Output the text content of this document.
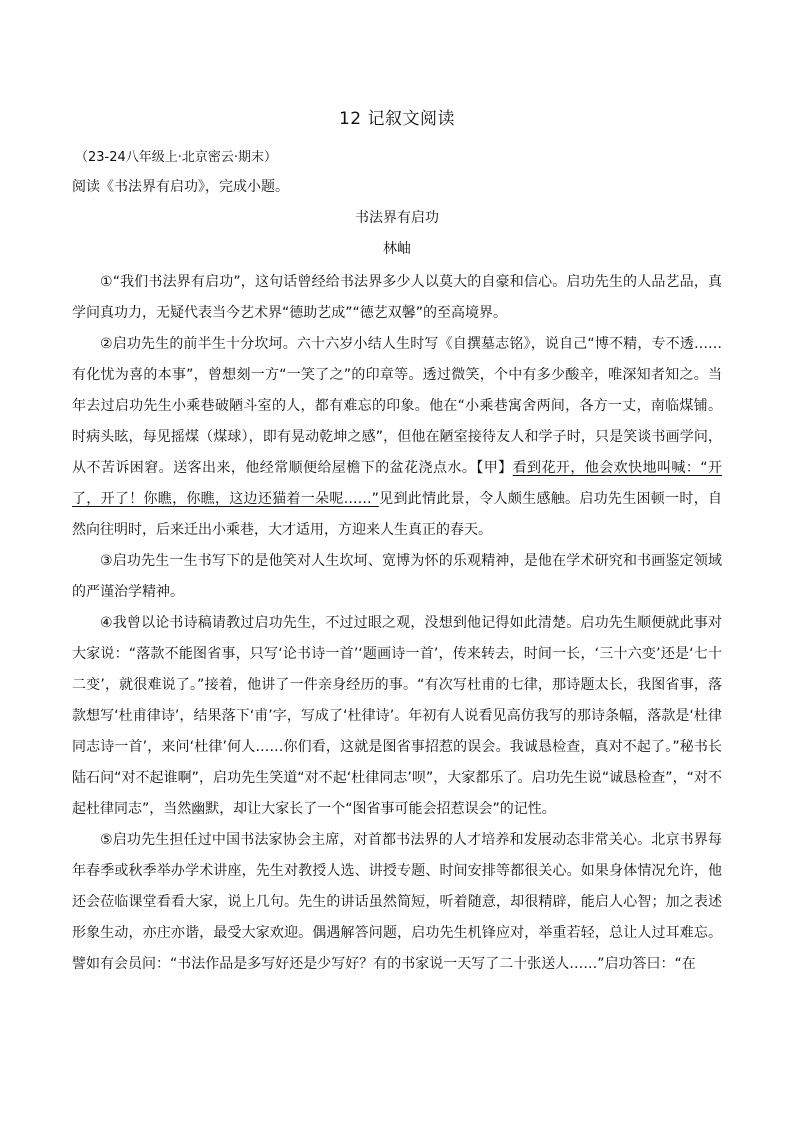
12 记叙文阅读
（23-24八年级上·北京密云·期末）
阅读《书法界有启功》，完成小题。
书法界有启功
林岫

①“我们书法界有启功”，这句话曾经给书法界多少人以莫大的自豪和信心。启功先生的人品艺品，真学问真功力，无疑代表当今艺术界“德助艺成”“德艺双馨”的至高境界。

②启功先生的前半生十分坎坷。六十六岁小结人生时写《自撰墓志铭》，说自己“博不精，专不透……有化忧为喜的本事”，曾想刻一方“一笑了之”的印章等。透过微笑，个中有多少酸辛，唯深知者知之。当年去过启功先生小乘巷破陋斗室的人，都有难忘的印象。他在“小乘巷寓舍两间，各方一丈，南临煤铺。时病头眩，每见摇煤（煤球），即有晃动乾坤之感”，但他在陋室接待友人和学子时，只是笑谈书画学问，从不苦诉困窘。送客出来，他经常顺便给屋檐下的盆花浇点水。【甲】看到花开，他会欢快地叫喊：“开了，开了！你瞧，你瞧，这边还猫着一朵呢……”见到此情此景，令人颇生感触。启功先生困顿一时，自然向往明时，后来迁出小乘巷，大才适用，方迎来人生真正的春天。

③启功先生一生书写下的是他笑对人生坎坷、宽博为怀的乐观精神，是他在学术研究和书画鉴定领域的严谨治学精神。

④我曾以论书诗稿请教过启功先生，不过过眼之观，没想到他记得如此清楚。启功先生顺便就此事对大家说：“落款不能图省事，只写‘论书诗一首’‘题画诗一首’，传来转去，时间一长，‘三十六变’还是‘七十二变’，就很难说了。”接着，他讲了一件亲身经历的事。“有次写杜甫的七律，那诗题太长，我图省事，落款想写‘杜甫律诗’，结果落下‘甫’字，写成了‘杜律诗’。年初有人说看见高仿我写的那诗条幅，落款是‘杜律同志诗一首’，来问‘杜律’何人……你们看，这就是图省事招惹的误会。我诚恳检查，真对不起了。”秘书长陆石问“对不起谁啊”，启功先生笑道“对不起‘杜律同志’呗”，大家都乐了。启功先生说“诚恳检查”，“对不起杜律同志”，当然幽默，却让大家长了一个“图省事可能会招惹误会”的记性。

⑤启功先生担任过中国书法家协会主席，对首都书法界的人才培养和发展动态非常关心。北京书界每年春季或秋季举办学术讲座，先生对教授人选、讲授专题、时间安排等都很关心。如果身体情况允许，他还会莅临课堂看看大家，说上几句。先生的讲话虽然简短，听着随意，却很精辟，能启人心智；加之表述形象生动，亦庄亦谐，最受大家欢迎。偶遇解答问题，启功先生机锋应对，举重若轻，总让人过耳难忘。譬如有会员问：“书法作品是多写好还是少写好？有的书家说一天写了二十张送人……”启功答曰：“在
